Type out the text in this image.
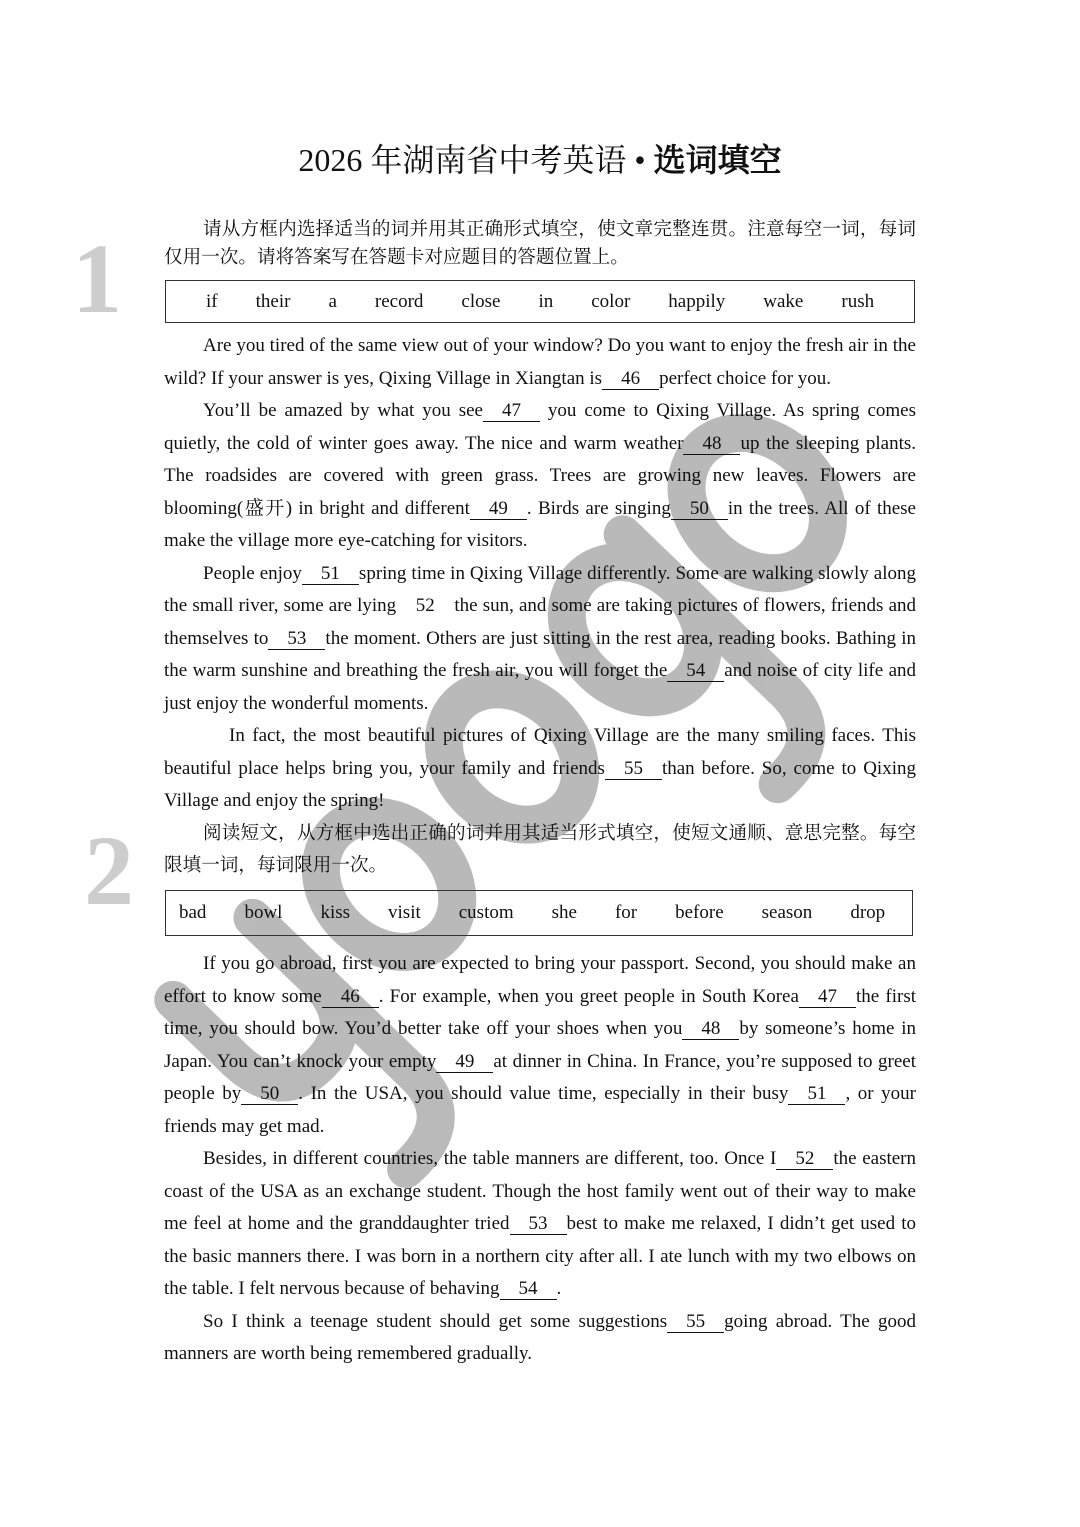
2026 年湖南省中考英语 • 选词填空
1
2

请从方框内选择适当的词并用其正确形式填空，使文章完整连贯。注意每空一词，每词仅用一次。请将答案写在答题卡对应题目的答题位置上。

if their a record close in color happily wake rush

Are you tired of the same view out of your window? Do you want to enjoy the fresh air in the wild? If your answer is yes, Qixing Village in Xiangtan is 46 perfect choice for you.

You’ll be amazed by what you see 47 you come to Qixing Village. As spring comes quietly, the cold of winter goes away. The nice and warm weather 48 up the sleeping plants. The roadsides are covered with green grass. Trees are growing new leaves. Flowers are blooming(盛开) in bright and different 49 . Birds are singing 50 in the trees. All of these make the village more eye-catching for visitors.

People enjoy 51 spring time in Qixing Village differently. Some are walking slowly along the small river, some are lying 52 the sun, and some are taking pictures of flowers, friends and themselves to 53 the moment. Others are just sitting in the rest area, reading books. Bathing in the warm sunshine and breathing the fresh air, you will forget the 54 and noise of city life and just enjoy the wonderful moments.

In fact, the most beautiful pictures of Qixing Village are the many smiling faces. This beautiful place helps bring you, your family and friends 55 than before. So, come to Qixing Village and enjoy the spring!

阅读短文，从方框中选出正确的词并用其适当形式填空，使短文通顺、意思完整。每空限填一词，每词限用一次。

bad bowl kiss visit custom she for before season drop

If you go abroad, first you are expected to bring your passport. Second, you should make an effort to know some 46 . For example, when you greet people in South Korea 47 the first time, you should bow. You’d better take off your shoes when you 48 by someone’s home in Japan. You can’t knock your empty 49 at dinner in China. In France, you’re supposed to greet people by 50 . In the USA, you should value time, especially in their busy 51 , or your friends may get mad.

Besides, in different countries, the table manners are different, too. Once I 52 the eastern coast of the USA as an exchange student. Though the host family went out of their way to make me feel at home and the granddaughter tried 53 best to make me relaxed, I didn’t get used to the basic manners there. I was born in a northern city after all. I ate lunch with my two elbows on the table. I felt nervous because of behaving 54 .

So I think a teenage student should get some suggestions 55 going abroad. The good manners are worth being remembered gradually.
